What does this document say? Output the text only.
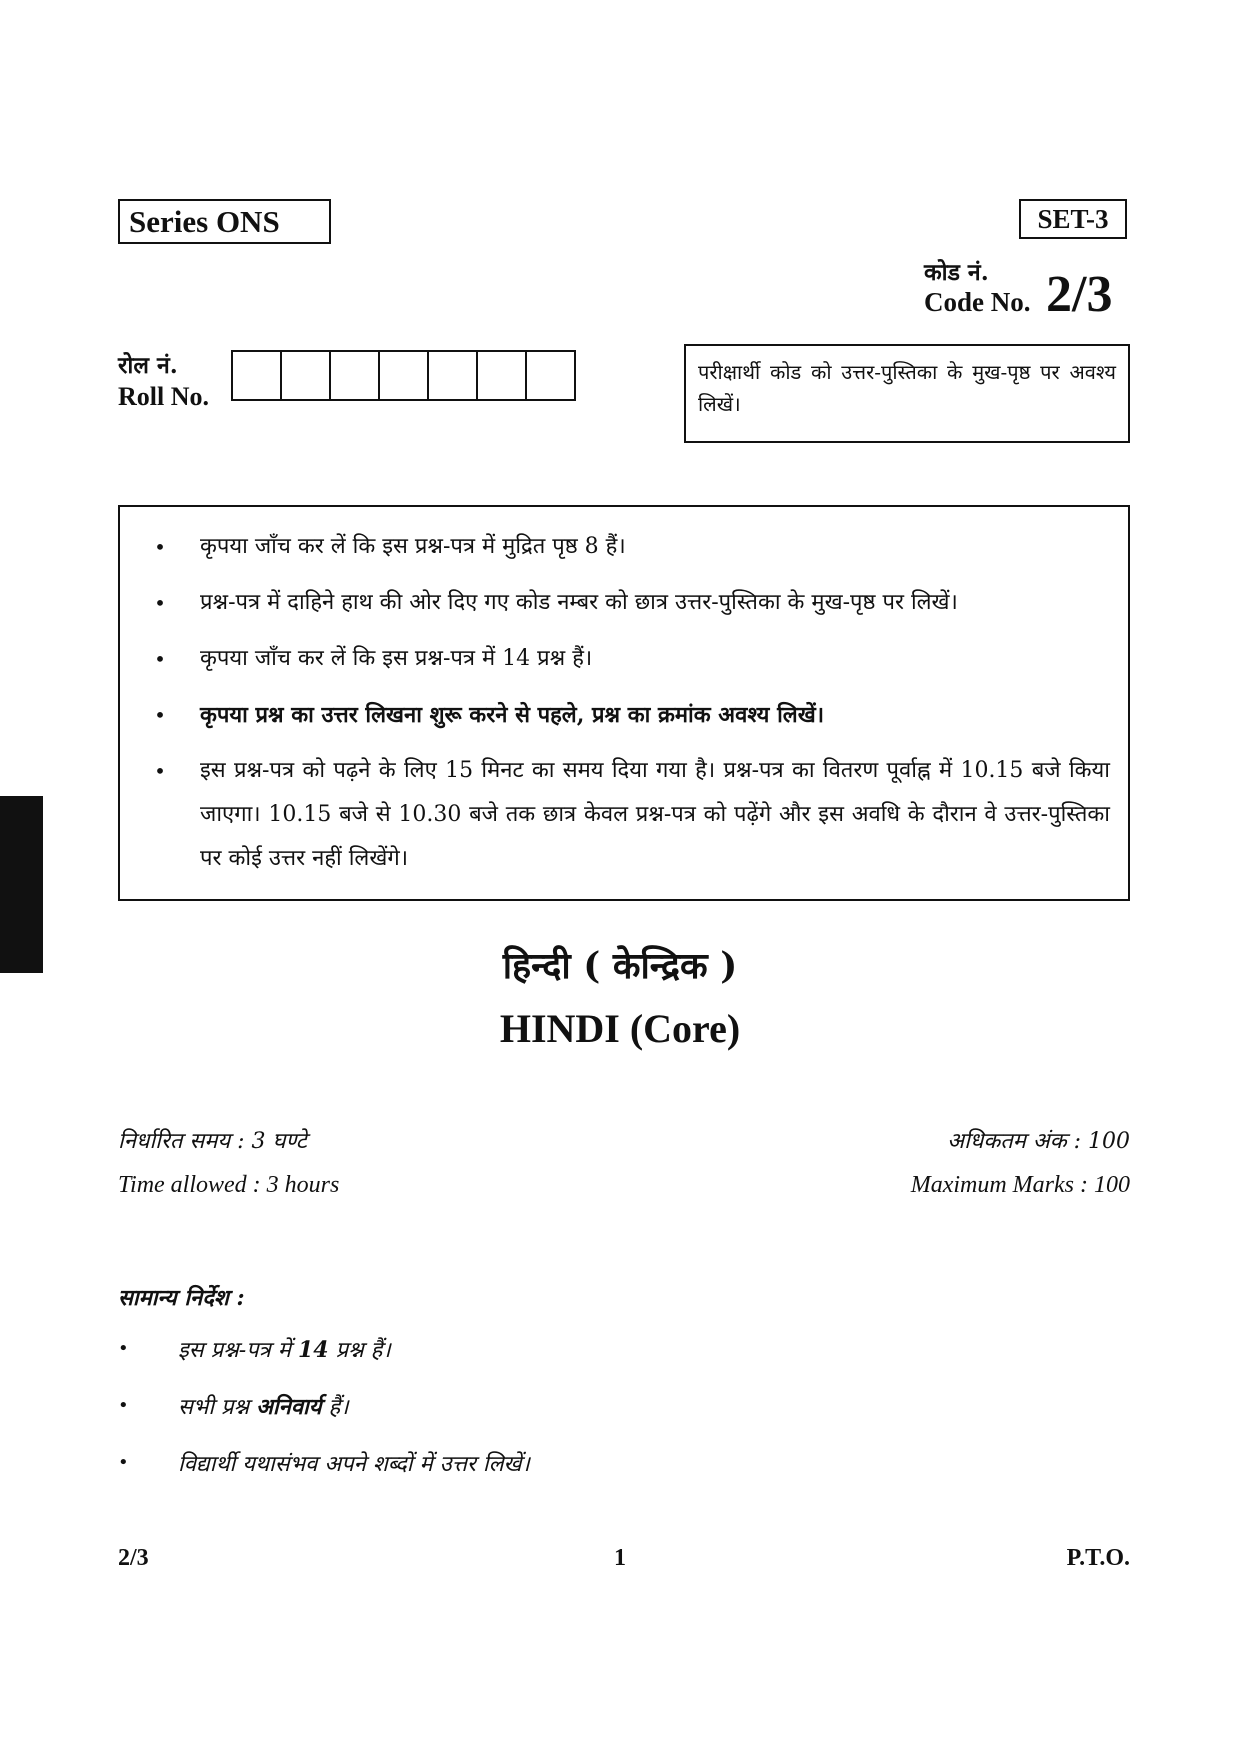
Series ONS	SET-3
कोड नं.
Code No. 2/3
रोल नं.
Roll No.
परीक्षार्थी कोड को उत्तर-पुस्तिका के मुख-पृष्ठ पर अवश्य लिखें।
•	कृपया जाँच कर लें कि इस प्रश्न-पत्र में मुद्रित पृष्ठ 8 हैं।
•	प्रश्न-पत्र में दाहिने हाथ की ओर दिए गए कोड नम्बर को छात्र उत्तर-पुस्तिका के मुख-पृष्ठ पर लिखें।
•	कृपया जाँच कर लें कि इस प्रश्न-पत्र में 14 प्रश्न हैं।
•	कृपया प्रश्न का उत्तर लिखना शुरू करने से पहले, प्रश्न का क्रमांक अवश्य लिखें।
•	इस प्रश्न-पत्र को पढ़ने के लिए 15 मिनट का समय दिया गया है। प्रश्न-पत्र का वितरण पूर्वाह्न में 10.15 बजे किया जाएगा। 10.15 बजे से 10.30 बजे तक छात्र केवल प्रश्न-पत्र को पढ़ेंगे और इस अवधि के दौरान वे उत्तर-पुस्तिका पर कोई उत्तर नहीं लिखेंगे।
हिन्दी ( केन्द्रिक )
HINDI (Core)
निर्धारित समय : 3 घण्टे
Time allowed : 3 hours
अधिकतम अंक : 100
Maximum Marks : 100
सामान्य निर्देश :
•	इस प्रश्न-पत्र में 14 प्रश्न हैं।
•	सभी प्रश्न अनिवार्य हैं।
•	विद्यार्थी यथासंभव अपने शब्दों में उत्तर लिखें।
2/3	1	P.T.O.
